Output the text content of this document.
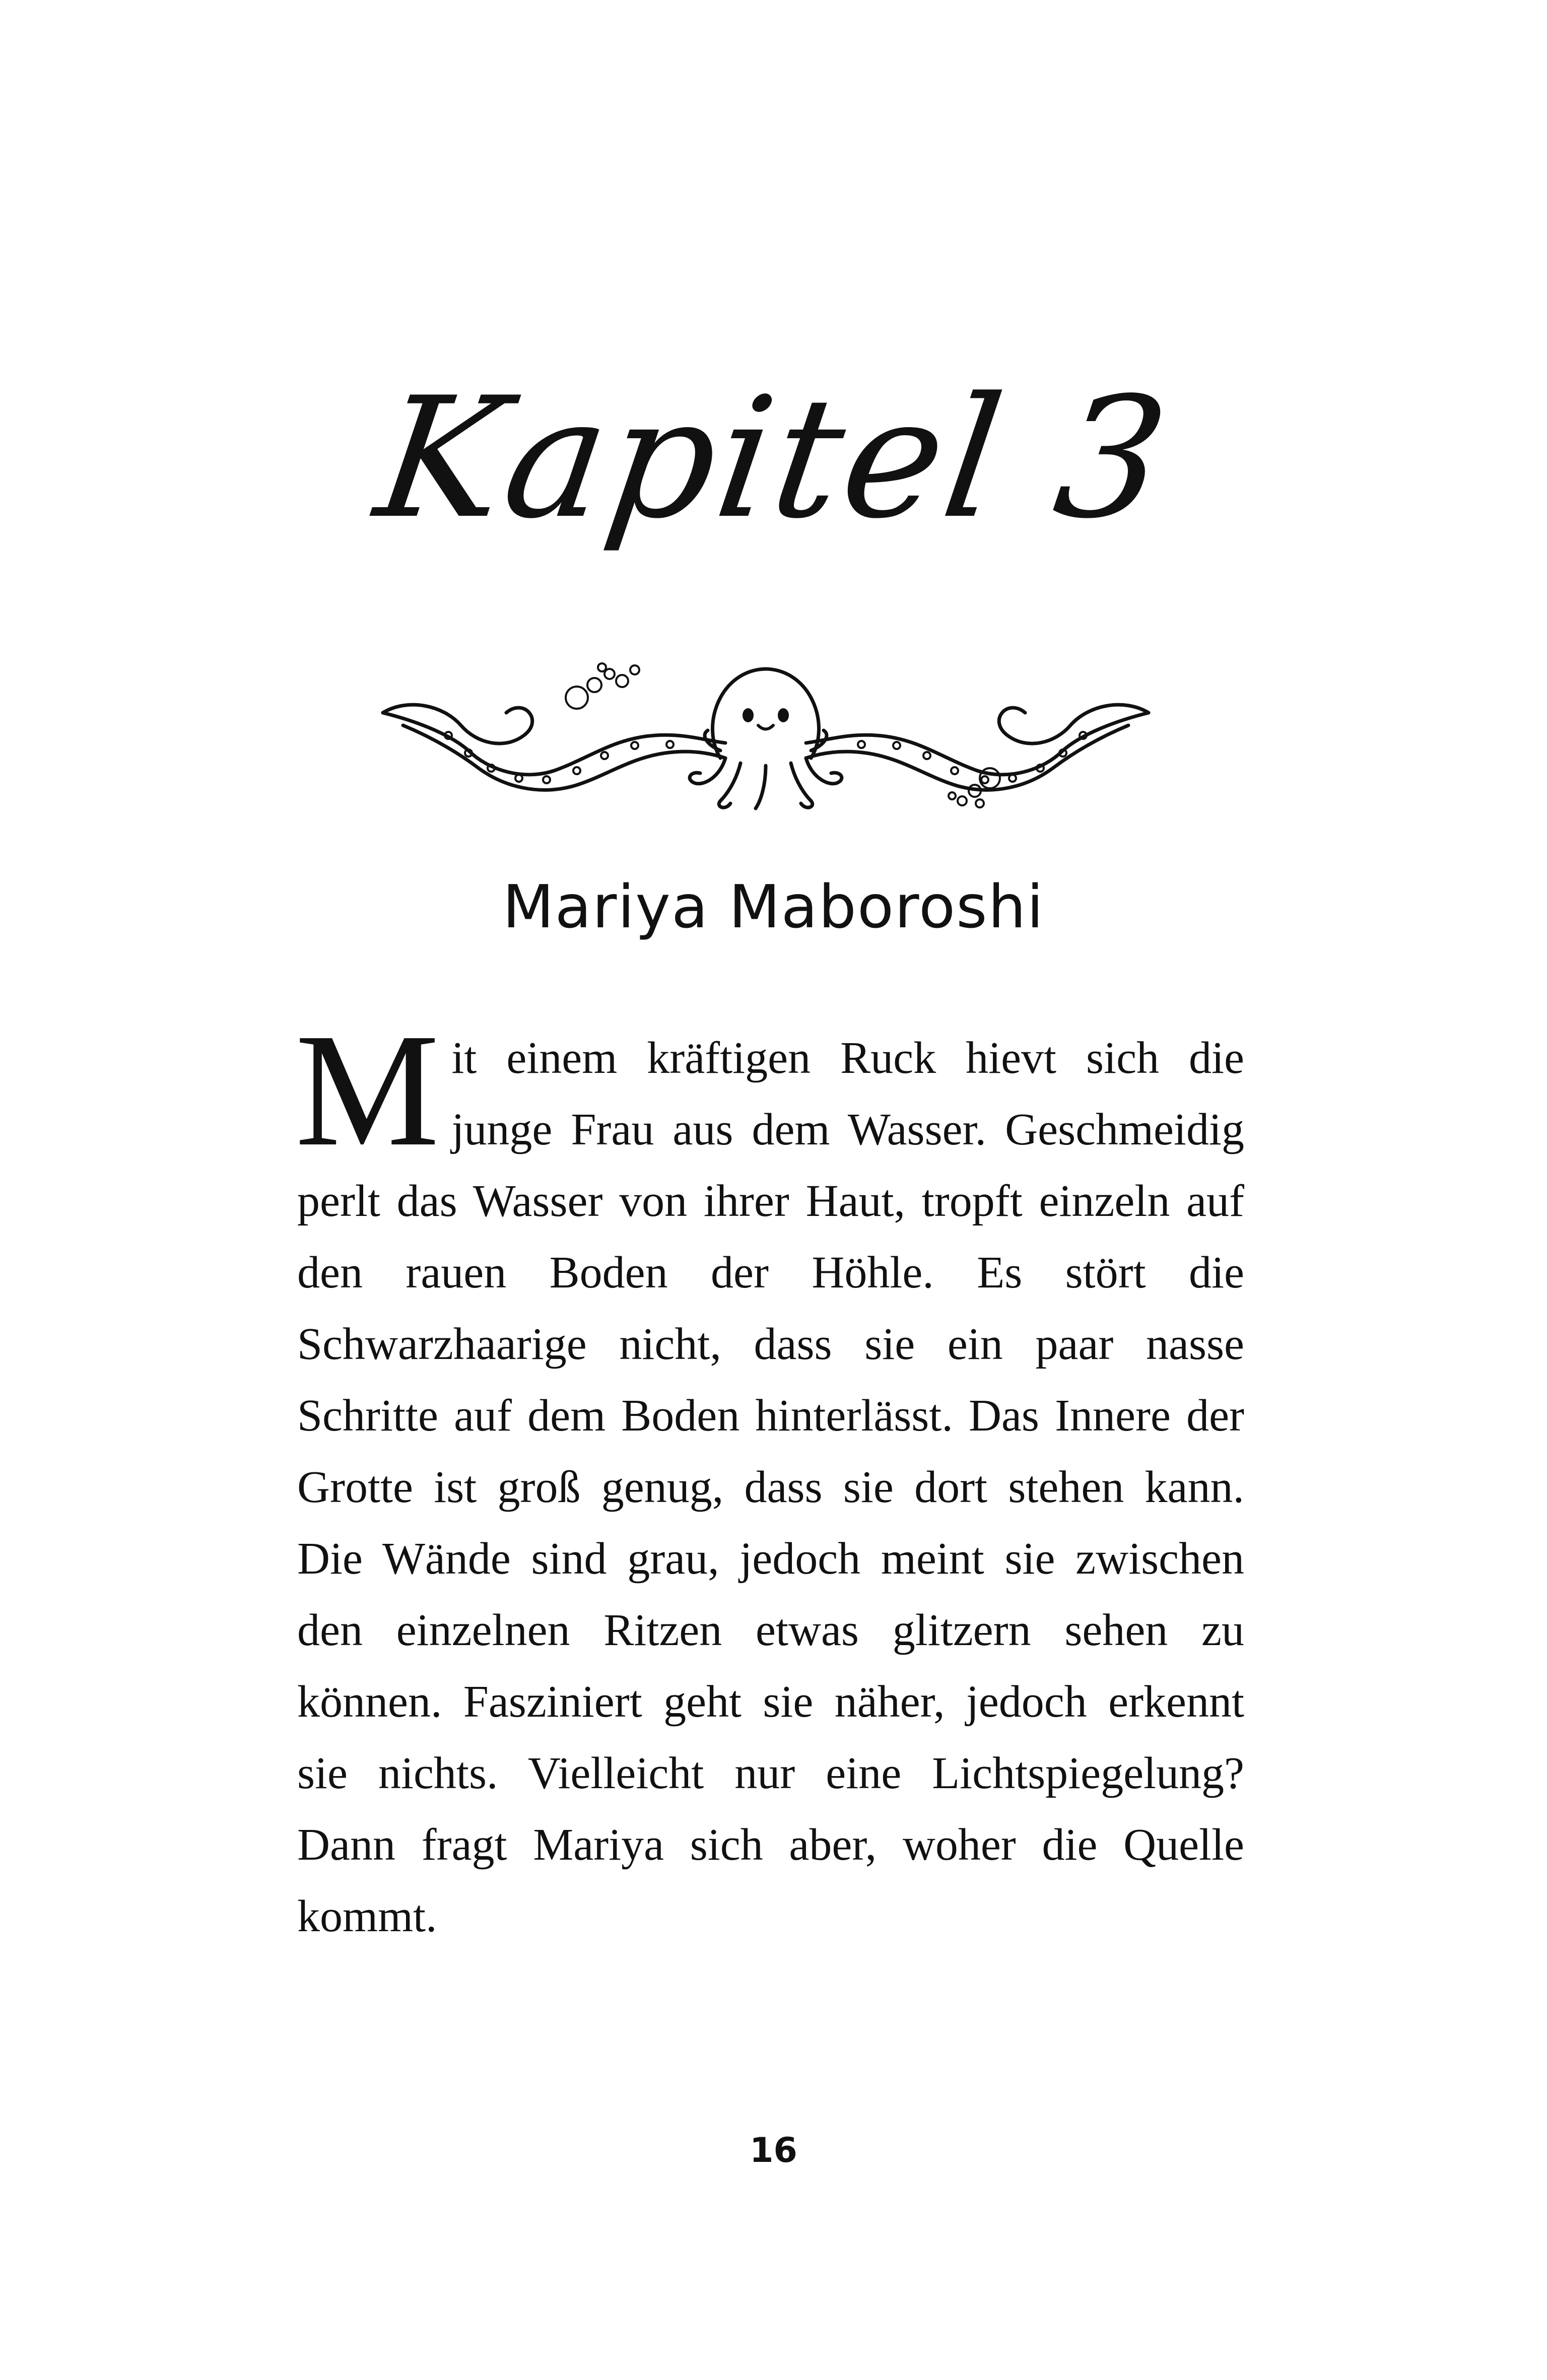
Kapitel 3
Mariya Maboroshi
Mit einem kräftigen Ruck hievt sich die junge Frau aus dem Wasser. Geschmeidig perlt das Wasser von ihrer Haut, tropft einzeln auf den rauen Boden der Höhle. Es stört die Schwarzhaarige nicht, dass sie ein paar nasse Schritte auf dem Boden hinterlässt. Das Innere der Grotte ist groß genug, dass sie dort stehen kann. Die Wände sind grau, jedoch meint sie zwischen den einzelnen Ritzen etwas glitzern sehen zu können. Fasziniert geht sie näher, jedoch erkennt sie nichts. Vielleicht nur eine Lichtspiegelung? Dann fragt Mariya sich aber, woher die Quelle kommt.
16
